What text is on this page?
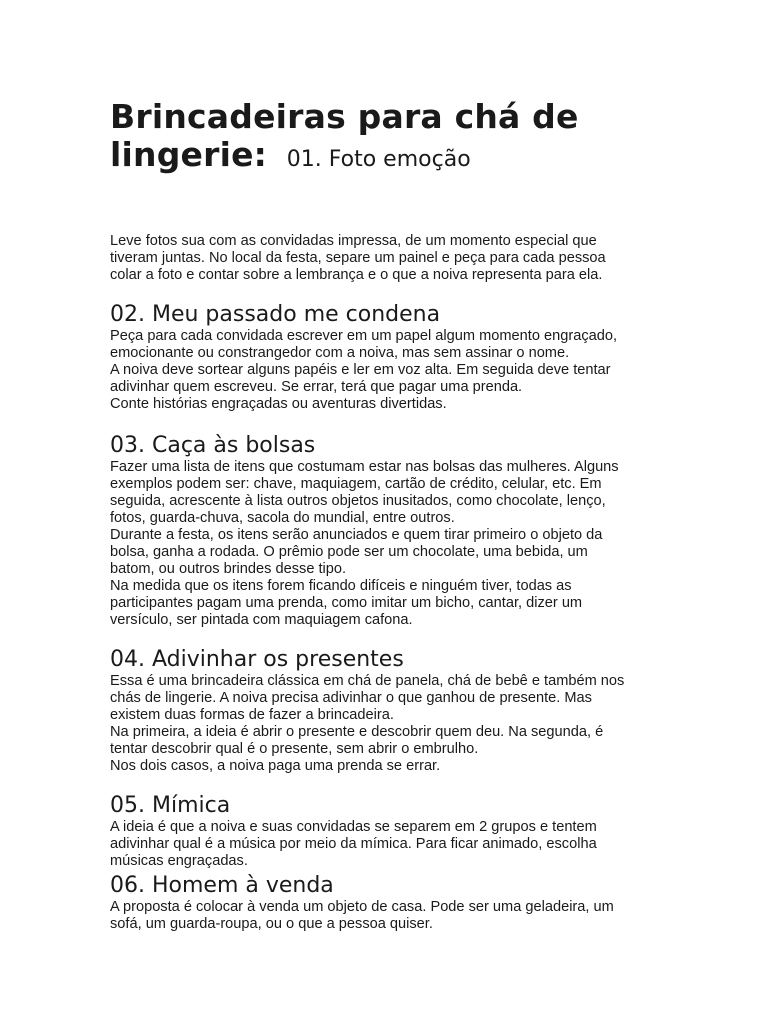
Brincadeiras para chá de lingerie: 01. Foto emoção

Leve fotos sua com as convidadas impressa, de um momento especial que
tiveram juntas. No local da festa, separe um painel e peça para cada pessoa
colar a foto e contar sobre a lembrança e o que a noiva representa para ela.

02. Meu passado me condena

Peça para cada convidada escrever em um papel algum momento engraçado,
emocionante ou constrangedor com a noiva, mas sem assinar o nome.
A noiva deve sortear alguns papéis e ler em voz alta. Em seguida deve tentar
adivinhar quem escreveu. Se errar, terá que pagar uma prenda.
Conte histórias engraçadas ou aventuras divertidas.

03. Caça às bolsas

Fazer uma lista de itens que costumam estar nas bolsas das mulheres. Alguns
exemplos podem ser: chave, maquiagem, cartão de crédito, celular, etc. Em
seguida, acrescente à lista outros objetos inusitados, como chocolate, lenço,
fotos, guarda-chuva, sacola do mundial, entre outros.
Durante a festa, os itens serão anunciados e quem tirar primeiro o objeto da
bolsa, ganha a rodada. O prêmio pode ser um chocolate, uma bebida, um
batom, ou outros brindes desse tipo.
Na medida que os itens forem ficando difíceis e ninguém tiver, todas as
participantes pagam uma prenda, como imitar um bicho, cantar, dizer um
versículo, ser pintada com maquiagem cafona.

04. Adivinhar os presentes

Essa é uma brincadeira clássica em chá de panela, chá de bebê e também nos
chás de lingerie. A noiva precisa adivinhar o que ganhou de presente. Mas
existem duas formas de fazer a brincadeira.
Na primeira, a ideia é abrir o presente e descobrir quem deu. Na segunda, é
tentar descobrir qual é o presente, sem abrir o embrulho.
Nos dois casos, a noiva paga uma prenda se errar.

05. Mímica

A ideia é que a noiva e suas convidadas se separem em 2 grupos e tentem
adivinhar qual é a música por meio da mímica. Para ficar animado, escolha
músicas engraçadas.

06. Homem à venda

A proposta é colocar à venda um objeto de casa. Pode ser uma geladeira, um
sofá, um guarda-roupa, ou o que a pessoa quiser.
